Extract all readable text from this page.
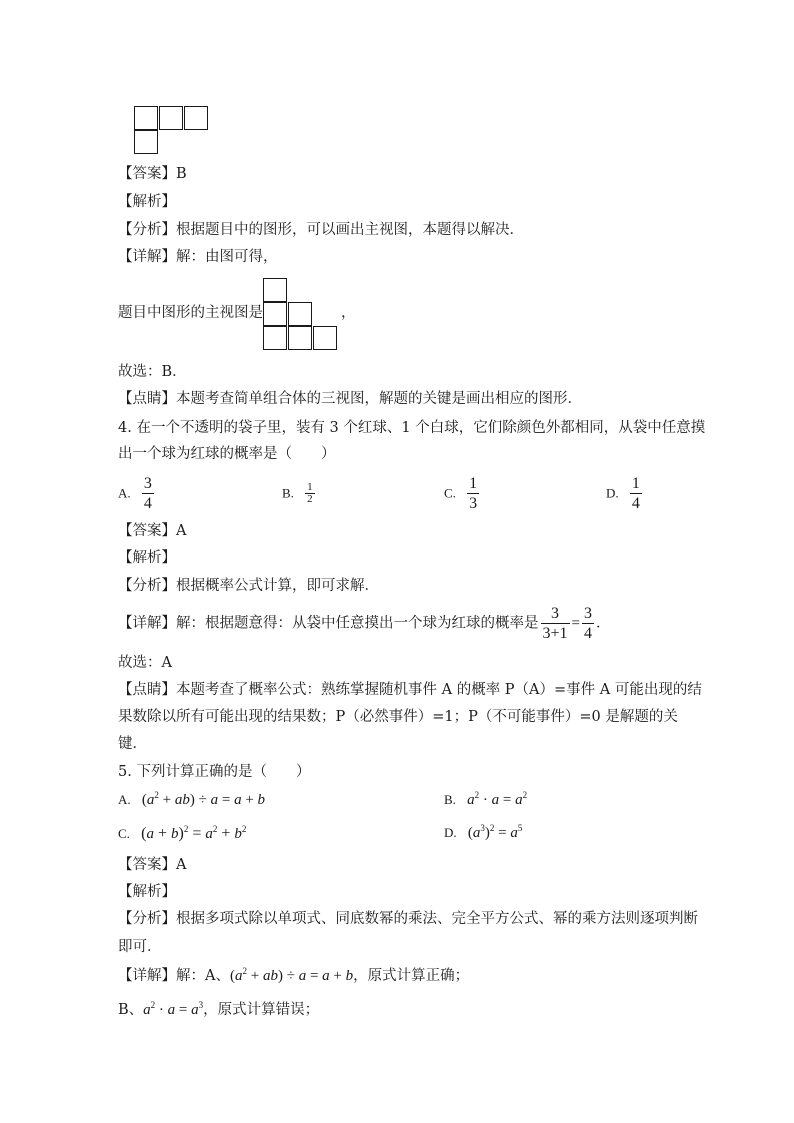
【答案】B
【解析】
【分析】根据题目中的图形，可以画出主视图，本题得以解决．
【详解】解：由图可得，
题目中图形的主视图是	，
故选：B．
【点睛】本题考查简单组合体的三视图，解题的关键是画出相应的图形．
4. 在一个不透明的袋子里，装有 3 个红球、1 个白球，它们除颜色外都相同，从袋中任意摸
出一个球为红球的概率是（　　）
A. $\frac{3}{4}$	B. $\frac{1}{2}$	C. $\frac{1}{3}$	D. $\frac{1}{4}$
【答案】A
【解析】
【分析】根据概率公式计算，即可求解．
【详解】解：根据题意得：从袋中任意摸出一个球为红球的概率是 $\frac{3}{3+1} = \frac{3}{4}$ ．
故选：A
【点睛】本题考查了概率公式：熟练掌握随机事件 A 的概率 P（A）=事件 A 可能出现的结
果数除以所有可能出现的结果数；P（必然事件）=1；P（不可能事件）=0 是解题的关
键．
5. 下列计算正确的是（　　）
A. $(a^2 + ab) \div a = a + b$	B. $a^2 \cdot a = a^2$
C. $(a + b)^2 = a^2 + b^2$	D. $(a^3)^2 = a^5$
【答案】A
【解析】
【分析】根据多项式除以单项式、同底数幂的乘法、完全平方公式、幂的乘方法则逐项判断
即可．
【详解】解：A、$(a^2 + ab) \div a = a + b$，原式计算正确；
B、$a^2 \cdot a = a^3$，原式计算错误；
